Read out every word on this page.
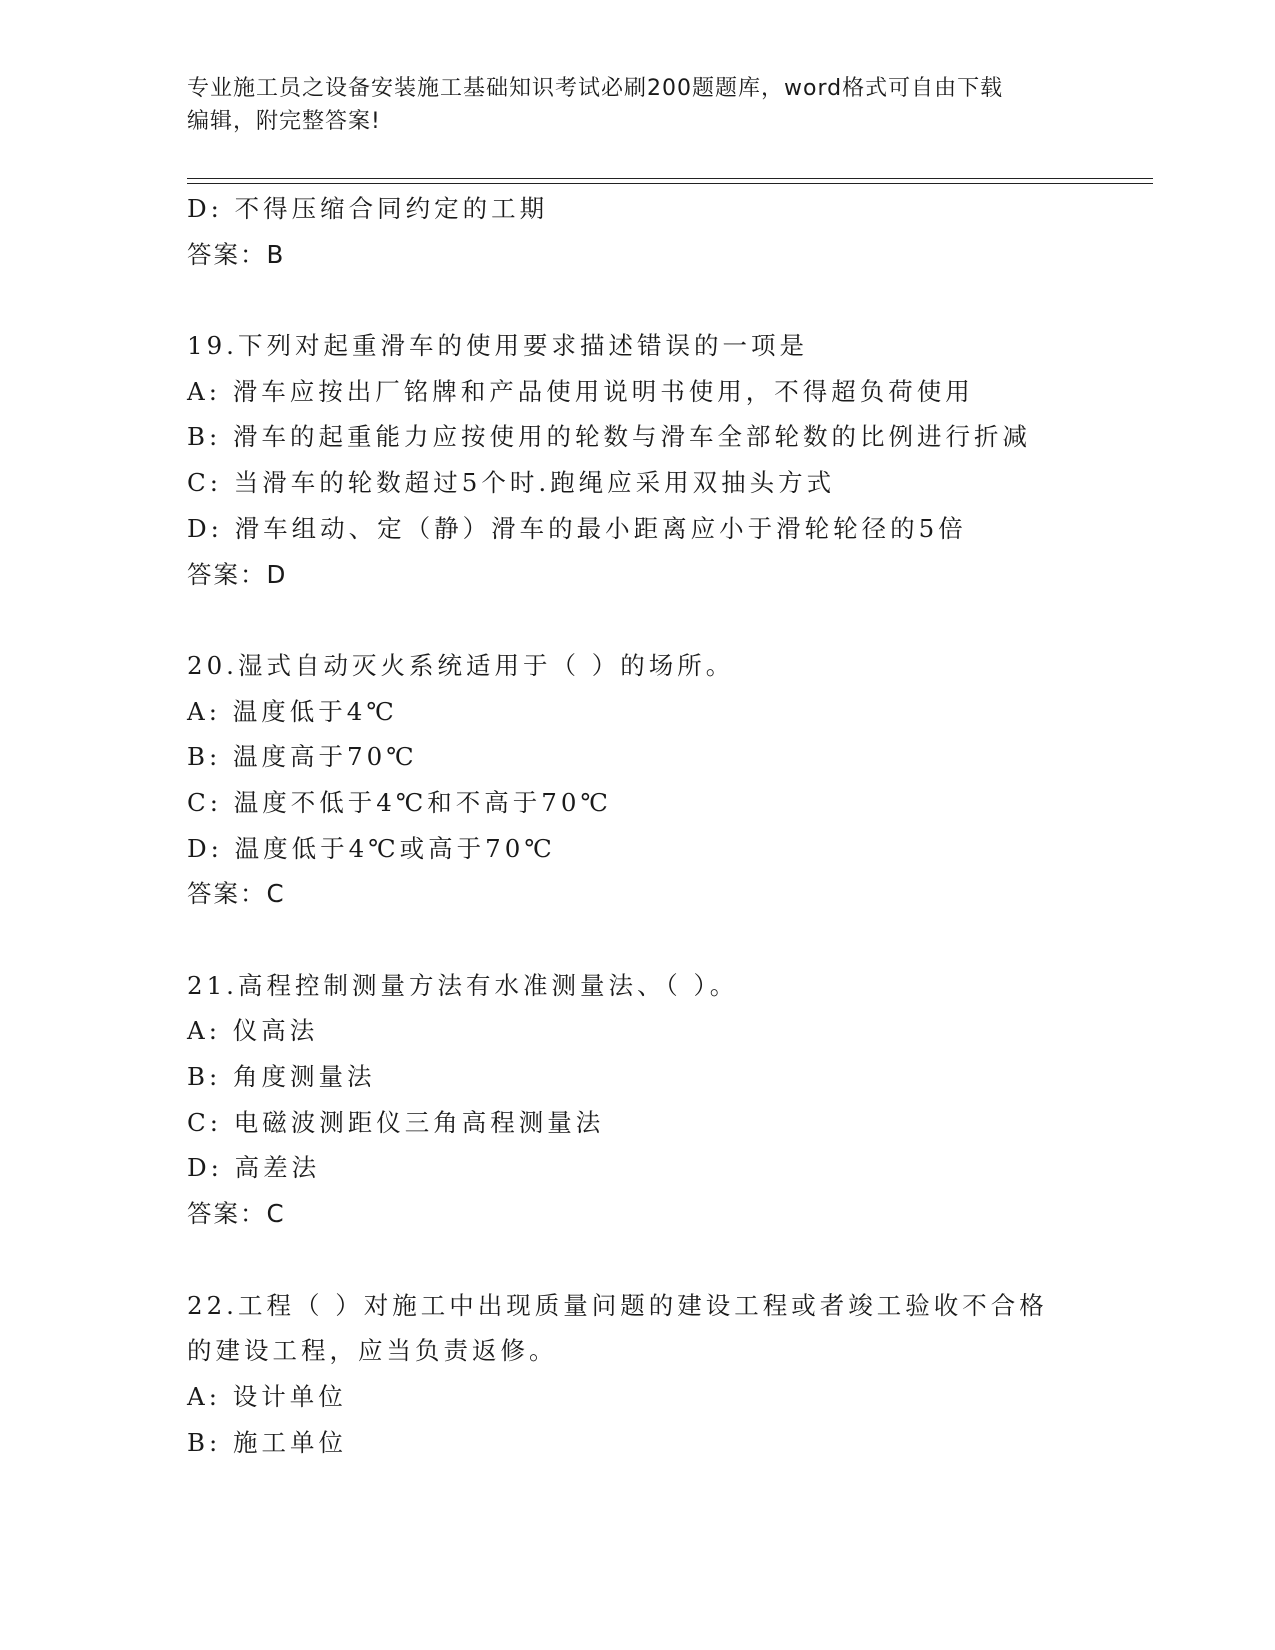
专业施工员之设备安装施工基础知识考试必刷200题题库，word格式可自由下载
编辑，附完整答案!
D: 不得压缩合同约定的工期
答案：B
19.下列对起重滑车的使用要求描述错误的一项是
A: 滑车应按出厂铭牌和产品使用说明书使用，不得超负荷使用
B: 滑车的起重能力应按使用的轮数与滑车全部轮数的比例进行折减
C: 当滑车的轮数超过5个时.跑绳应采用双抽头方式
D: 滑车组动、定（静）滑车的最小距离应小于滑轮轮径的5倍
答案：D
20.湿式自动灭火系统适用于（ ）的场所。
A: 温度低于4℃
B: 温度高于70℃
C: 温度不低于4℃和不高于70℃
D: 温度低于4℃或高于70℃
答案：C
21.高程控制测量方法有水准测量法、（ ）。
A: 仪高法
B: 角度测量法
C: 电磁波测距仪三角高程测量法
D: 高差法
答案：C
22.工程（ ）对施工中出现质量问题的建设工程或者竣工验收不合格
的建设工程，应当负责返修。
A: 设计单位
B: 施工单位
